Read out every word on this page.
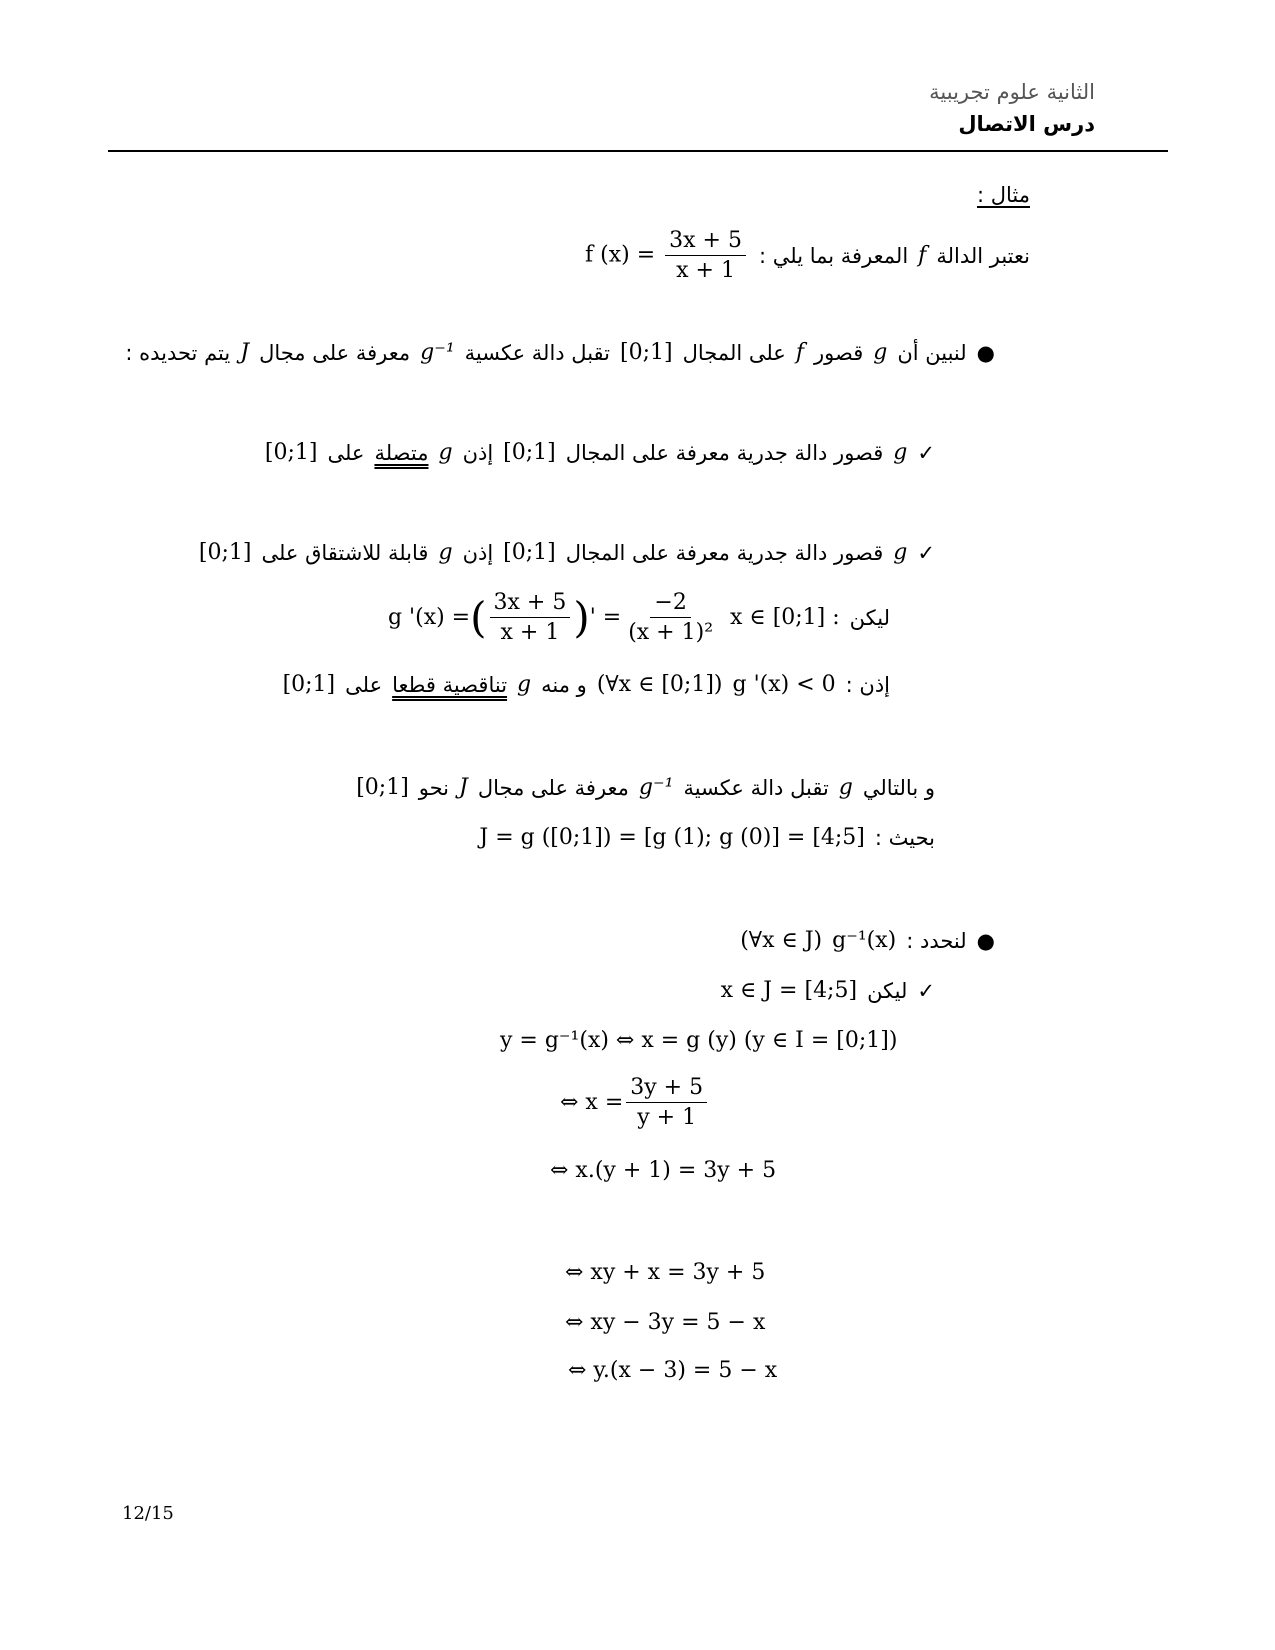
الثانية علوم تجريبية
درس الاتصال
مثال :
نعتبر الدالة
f
المعرفة بما يلي :
f $(x) = \frac{3x + 5}{x + 1}$
●
لنبين أن
g
قصور
f
على المجال
[0;1]
تقبل دالة عكسية
g⁻¹
معرفة على مجال
J
يتم تحديده :
✓
g
قصور دالة جدرية معرفة على المجال
[0;1]
إذن
g
متصلة
على
[0;1]
✓
g
قصور دالة جدرية معرفة على المجال
[0;1]
إذن
g
قابلة للاشتقاق على
[0;1]
ليكن
x ∈ [0;1] :
g '(x) = ( $\frac{3x + 5}{x + 1}$ ) ' = $\frac{-2}{\text{(x + 1)²}}$
إذن :
g '(x) < 0
(∀x ∈ [0;1])
و منه
g
تناقصية قطعا
على
[0;1]
و بالتالي
g
تقبل دالة عكسية
g⁻¹
معرفة على مجال
J
نحو
[0;1]
بحيث :
J = g ([0;1]) = [g (1); g (0)] = [4;5]
●
لنحدد :
g⁻¹(x)
(∀x ∈ J)
✓
ليكن
x ∈ J = [4;5]
y = g⁻¹(x) ⇔ x = g (y) (y ∈ I = [0;1])
⇔ $x = \frac{3y + 5}{y + 1}$
⇔ x.(y + 1) = 3y + 5
⇔ xy + x = 3y + 5
⇔ xy − 3y = 5 − x
⇔ y.(x − 3) = 5 − x
12/15
